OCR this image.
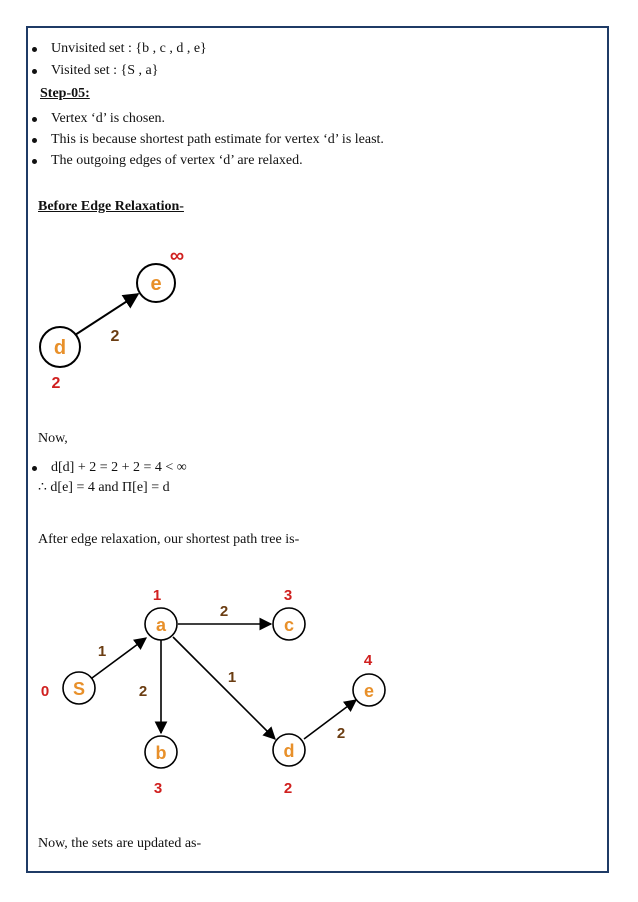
Unvisited set : {b , c , d , e}
Visited set : {S , a}
Step-05:
Vertex ‘d’ is chosen.
This is because shortest path estimate for vertex ‘d’ is least.
The outgoing edges of vertex ‘d’ are relaxed.
Before Edge Relaxation-
d
e
2
2
∞
Now,
d[d] + 2 = 2 + 2 = 4 < ∞
∴ d[e] = 4 and Π[e] = d
After edge relaxation, our shortest path tree is-
S
a	c
b	d
e
0
1	3
4
3	2
1
2
2
1
2
Now, the sets are updated as-
